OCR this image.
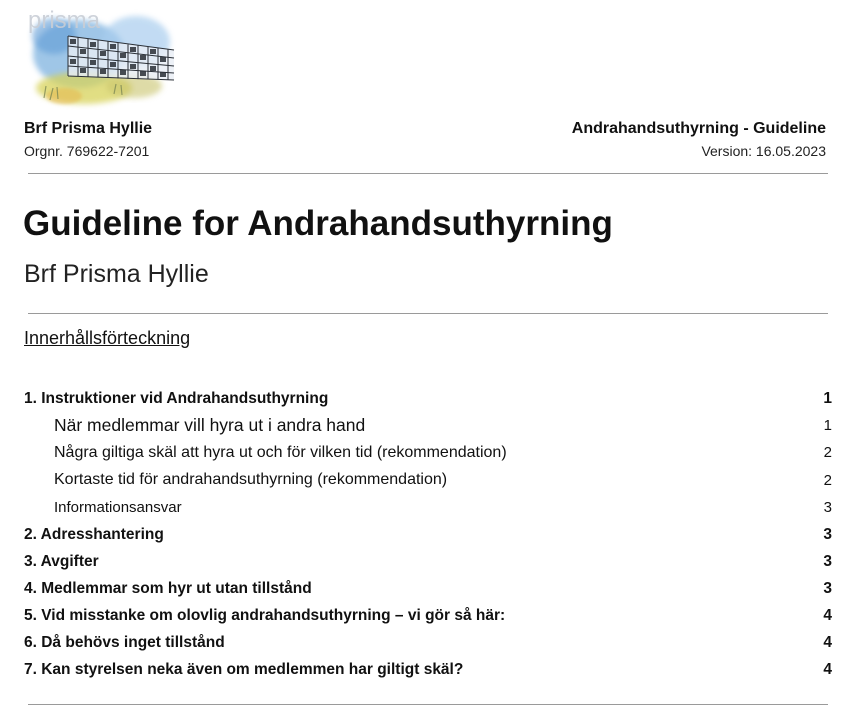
prisma
Brf Prisma Hyllie
Orgnr. 769622-7201
Andrahandsuthyrning - Guideline
Version: 16.05.2023
Guideline for Andrahandsuthyrning
Brf Prisma Hyllie
Innerhållsförteckning
1. Instruktioner vid Andrahandsuthyrning	1
När medlemmar vill hyra ut i andra hand	1
Några giltiga skäl att hyra ut och för vilken tid (rekommendation)	2
Kortaste tid för andrahandsuthyrning (rekommendation)	2
Informationsansvar	3
2. Adresshantering	3
3. Avgifter	3
4. Medlemmar som hyr ut utan tillstånd	3
5. Vid misstanke om olovlig andrahandsuthyrning – vi gör så här:	4
6. Då behövs inget tillstånd	4
7. Kan styrelsen neka även om medlemmen har giltigt skäl?	4
